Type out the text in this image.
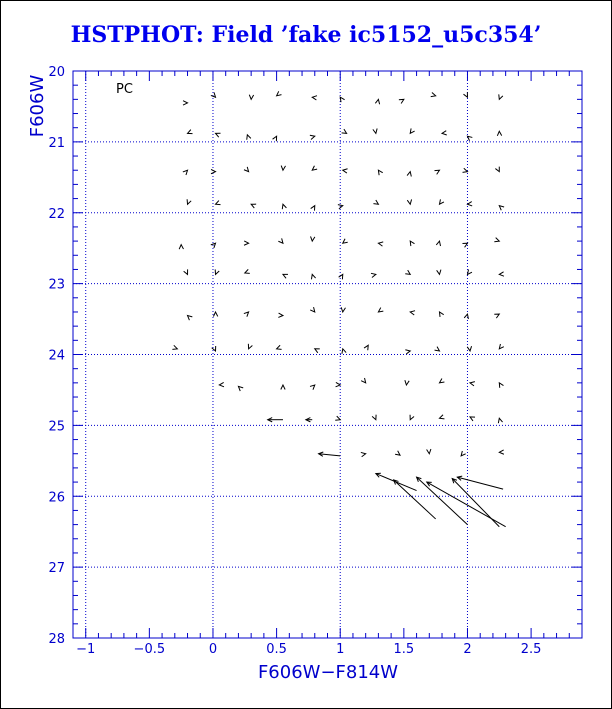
HSTPHOT: Field ’fake ic5152_u5c354’
−1	−0.5	0	0.5	1	1.5	2	2.5
20
21
22
23
24
25
26
27
28
PC
F606W−F814W
F606W
